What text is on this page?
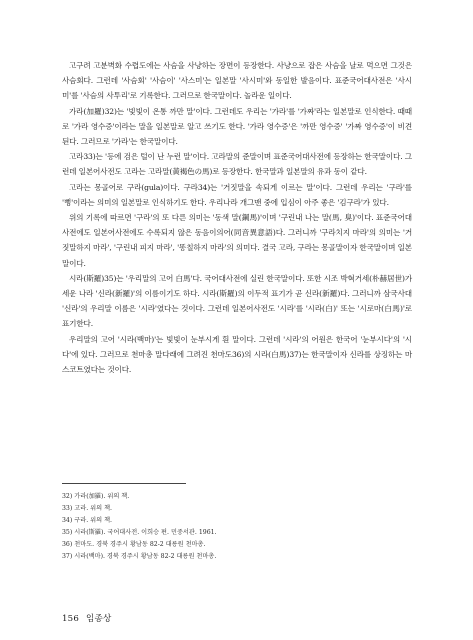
고구려 고분벽화 수렵도에는 사슴을 사냥하는 장면이 등장한다. 사냥으로 잡은 사슴을 날로 먹으면 그것은 사슴회다. 그런데 '사슴회' '사슴이' '사스미'는 일본말 '사시미'와 동일한 발음이다. 표준국어대사전은 '사시미'를 '사슴의 사투리'로 기록한다. 그러므로 한국말이다. 놀라운 일이다.

가라(加羅)32)는 '빛빛이 온통 까만 말'이다. 그런데도 우리는 '가라'를 '가짜'라는 일본말로 인식한다. 때때로 '가라 영수증'이라는 말을 일본말로 알고 쓰기도 한다. '가라 영수증'은 '까만 영수증' '가짜 영수증'이 비견된다. 그러므로 '가라'는 한국말이다.

고라33)는 '등에 검은 털이 난 누런 말'이다. 고라말의 준말이며 표준국어대사전에 등장하는 한국말이다. 그런데 일본어사전도 고라는 고라말(黃褐色の馬)로 등장한다. 한국말과 일본말의 유과 동이 같다.

고라는 몽골어로 구라(gula)이다. 구라34)는 '거짓말을 속되게 이르는 말'이다. 그런데 우리는 '구라'를 '뻥'이라는 의미의 일본말로 인식하기도 한다. 우리나라 개그맨 중에 입심이 아주 좋은 '김구라'가 있다.

위의 기록에 따르면 '구라'의 또 다른 의미는 '동색 말(鋼馬)'이며 '구린내 나는 말(馬, 臭)'이다. 표준국어대사전에도 일본어사전에도 수록되지 않은 동음이의어(同音異意語)다. 그러니까 '구라치지 마라'의 의미는 '거짓말하지 마라', '구린내 피지 마라', '똥칠하지 마라'의 의미다. 결국 고라, 구라는 몽골말이자 한국말이며 일본말이다.

시라(斯羅)35)는 '우리말의 고어 白馬'다. 국어대사전에 실린 한국말이다. 또한 시조 박혁거세(朴赫居世)가 세운 나라 '신라(新羅)'의 이름이기도 하다. 시라(斯羅)의 이두적 표기가 곧 신라(新羅)다. 그러니까 삼국사대 '신라'의 우리말 이름은 '시라'였다는 것이다. 그런데 일본어사전도 '시라'를 '시라(白)' 또는 '시로마(白馬)'로 표기한다.

우리말의 고어 '시라(백마)'는 빛빛이 눈부시게 흰 말이다. 그런데 '시라'의 어원은 한국어 '눈부시다'의 '시다'에 있다. 그러므로 천마총 말다래에 그려진 천마도36)의 시라(白馬)37)는 한국말이자 신라를 상징하는 마스코트였다는 것이다.

32) 가라(加羅). 위의 책.
33) 고라. 위의 책.
34) 구라. 위의 책.
35) 시라(斯羅). 국어대사전. 이희승 편. 민중서관. 1961.
36) 천마도. 경북 경주시 황남동 82-2 대릉원 천마총.
37) 시라(백마). 경북 경주시 황남동 82-2 대릉원 천마총.
156 임종상
